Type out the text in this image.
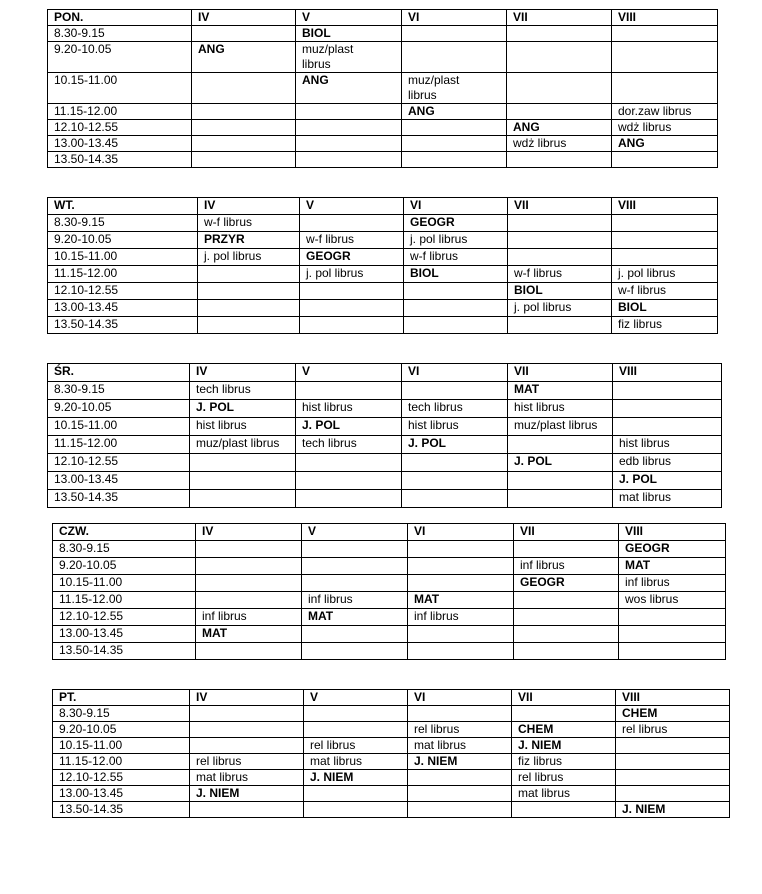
PON.	IV	V	VI	VII	VIII
8.30-9.15		BIOL			
9.20-10.05	ANG	muz/plast librus			
10.15-11.00		ANG	muz/plast librus		
11.15-12.00			ANG		dor.zaw librus
12.10-12.55				ANG	wdż librus
13.00-13.45				wdż librus	ANG
13.50-14.35					
WT.	IV	V	VI	VII	VIII
8.30-9.15	w-f librus		GEOGR		
9.20-10.05	PRZYR	w-f librus	j. pol librus		
10.15-11.00	j. pol librus	GEOGR	w-f librus		
11.15-12.00		j. pol librus	BIOL	w-f librus	j. pol librus
12.10-12.55				BIOL	w-f librus
13.00-13.45				j. pol librus	BIOL
13.50-14.35					fiz librus
ŚR.	IV	V	VI	VII	VIII
8.30-9.15	tech librus			MAT	
9.20-10.05	J. POL	hist librus	tech librus	hist librus	
10.15-11.00	hist librus	J. POL	hist librus	muz/plast librus	
11.15-12.00	muz/plast librus	tech librus	J. POL		hist librus
12.10-12.55				J. POL	edb librus
13.00-13.45					J. POL
13.50-14.35					mat librus
CZW.	IV	V	VI	VII	VIII
8.30-9.15					GEOGR
9.20-10.05				inf librus	MAT
10.15-11.00				GEOGR	inf librus
11.15-12.00		inf librus	MAT		wos librus
12.10-12.55	inf librus	MAT	inf librus		
13.00-13.45	MAT				
13.50-14.35					
PT.	IV	V	VI	VII	VIII
8.30-9.15					CHEM
9.20-10.05			rel librus	CHEM	rel librus
10.15-11.00		rel librus	mat librus	J. NIEM	
11.15-12.00	rel librus	mat librus	J. NIEM	fiz librus	
12.10-12.55	mat librus	J. NIEM		rel librus	
13.00-13.45	J. NIEM			mat librus	
13.50-14.35					J. NIEM
